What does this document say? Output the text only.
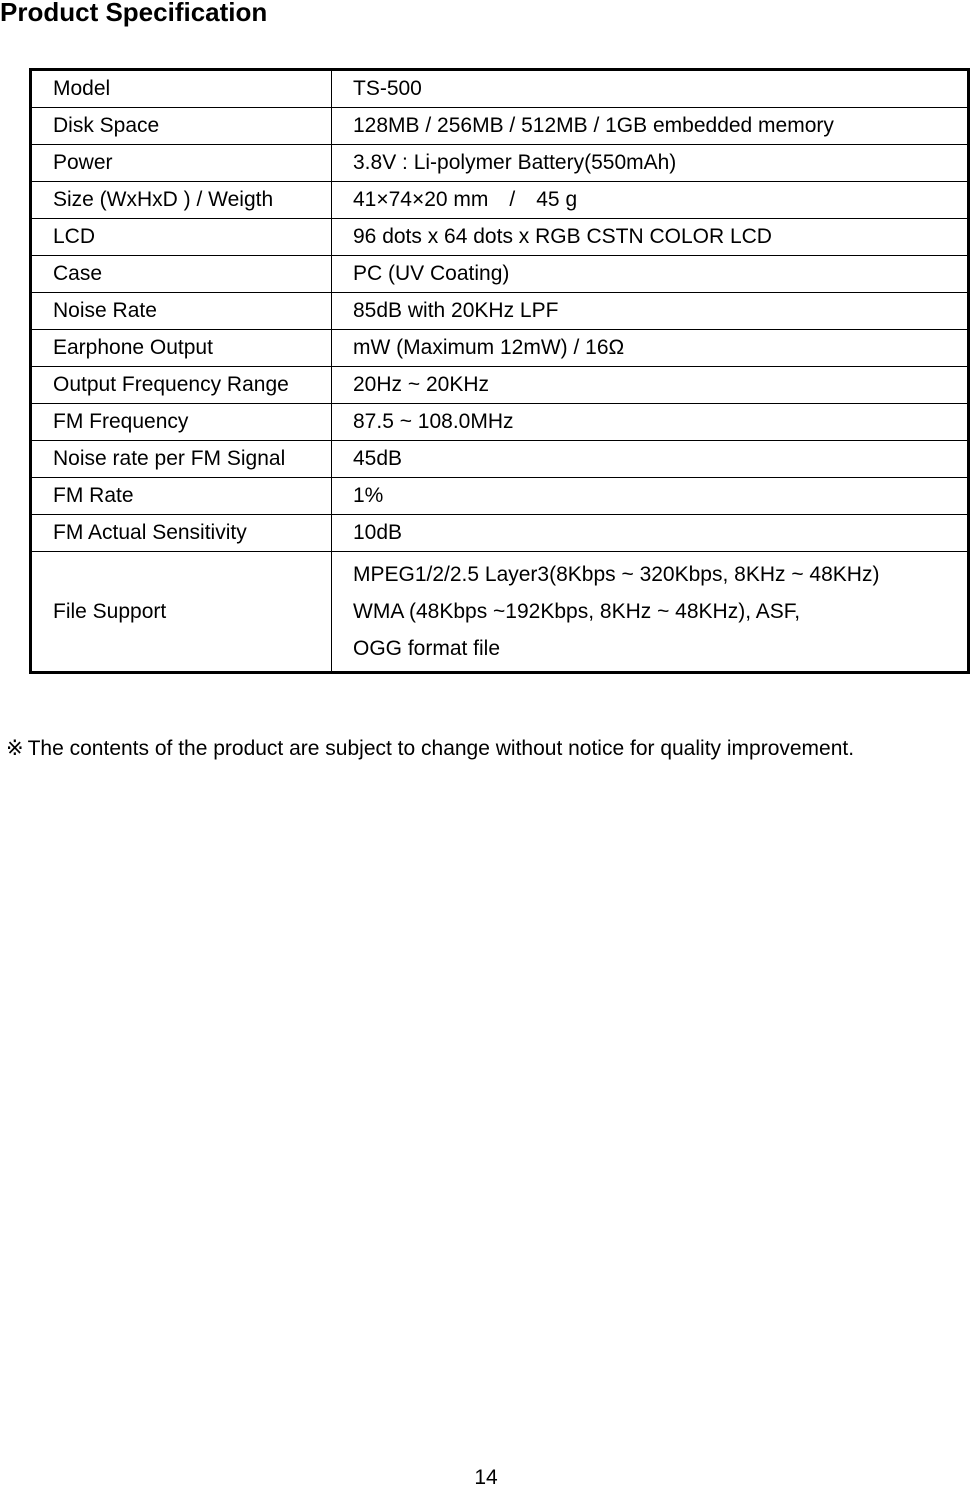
Product Specification
Model	TS-500
Disk Space	128MB / 256MB / 512MB / 1GB embedded memory
Power	3.8V : Li-polymer Battery(550mAh)
Size (WxHxD ) / Weigth	41×74×20 mm　/　45 g
LCD	96 dots x 64 dots x RGB CSTN COLOR LCD
Case	PC (UV Coating)
Noise Rate	85dB with 20KHz LPF
Earphone Output	mW (Maximum 12mW) / 16Ω
Output Frequency Range	20Hz ~ 20KHz
FM Frequency	87.5 ~ 108.0MHz
Noise rate per FM Signal	45dB
FM Rate	1%
FM Actual Sensitivity	10dB
File Support	MPEG1/2/2.5 Layer3(8Kbps ~ 320Kbps, 8KHz ~ 48KHz)
WMA (48Kbps ~192Kbps, 8KHz ~ 48KHz), ASF,
OGG format file

※ The contents of the product are subject to change without notice for quality improvement.

14
